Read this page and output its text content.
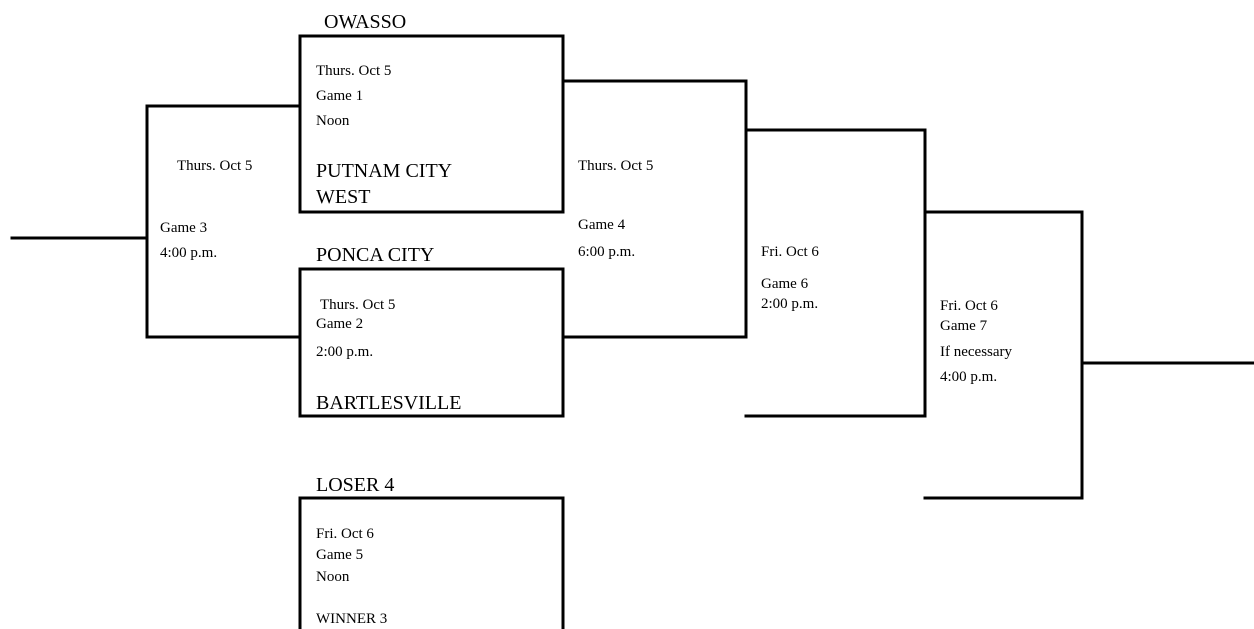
OWASSO
PUTNAM CITY
WEST
PONCA CITY
BARTLESVILLE
LOSER 4
WINNER 3
Thurs. Oct 5
Game 1
Noon
Thurs. Oct 5
Game 2
2:00 p.m.
Thurs. Oct 5
Game 3
4:00 p.m.
Thurs. Oct 5
Game 4
6:00 p.m.
Fri. Oct 6
Game 5
Noon
Fri. Oct 6
Game 6
2:00 p.m.	Fri. Oct 6
Game 7
If necessary
4:00 p.m.
